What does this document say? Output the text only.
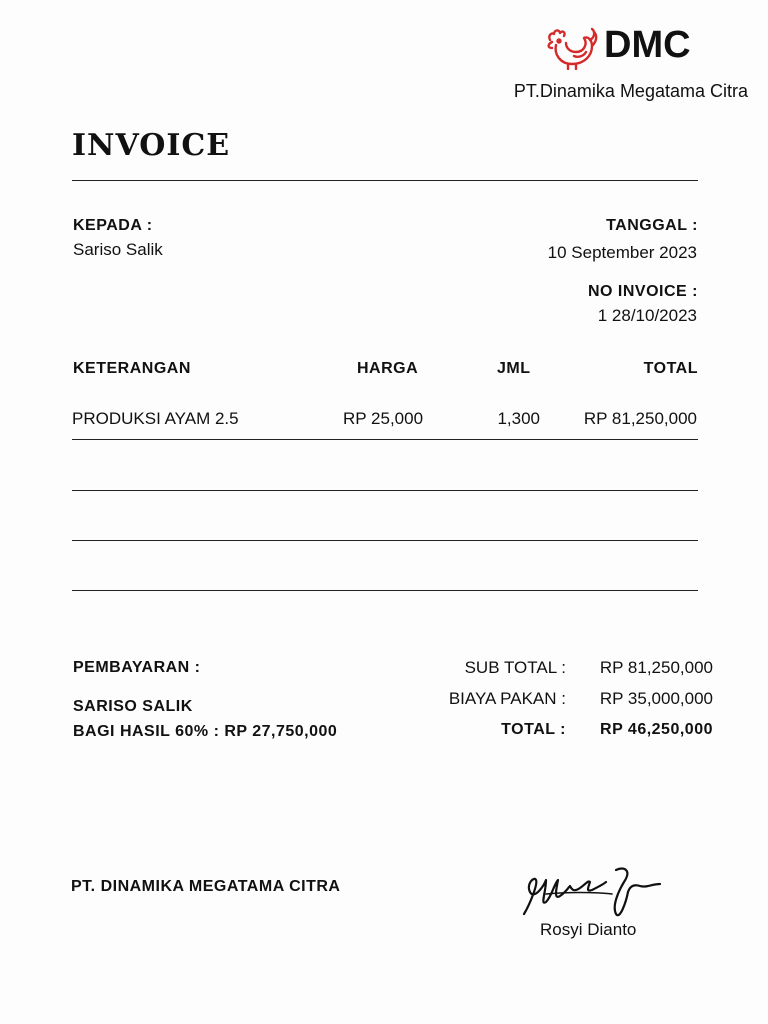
DMC
PT.Dinamika Megatama Citra
INVOICE
KEPADA :
Sariso Salik
TANGGAL :
10 September 2023
NO INVOICE :
1 28/10/2023
KETERANGAN	HARGA	JML	TOTAL
PRODUKSI AYAM 2.5	RP 25,000	1,300	RP 81,250,000
PEMBAYARAN :
SARISO SALIK
BAGI HASIL 60% : RP 27,750,000
SUB TOTAL : RP 81,250,000
BIAYA PAKAN : RP 35,000,000
TOTAL : RP 46,250,000
PT. DINAMIKA MEGATAMA CITRA
Rosyi Dianto
